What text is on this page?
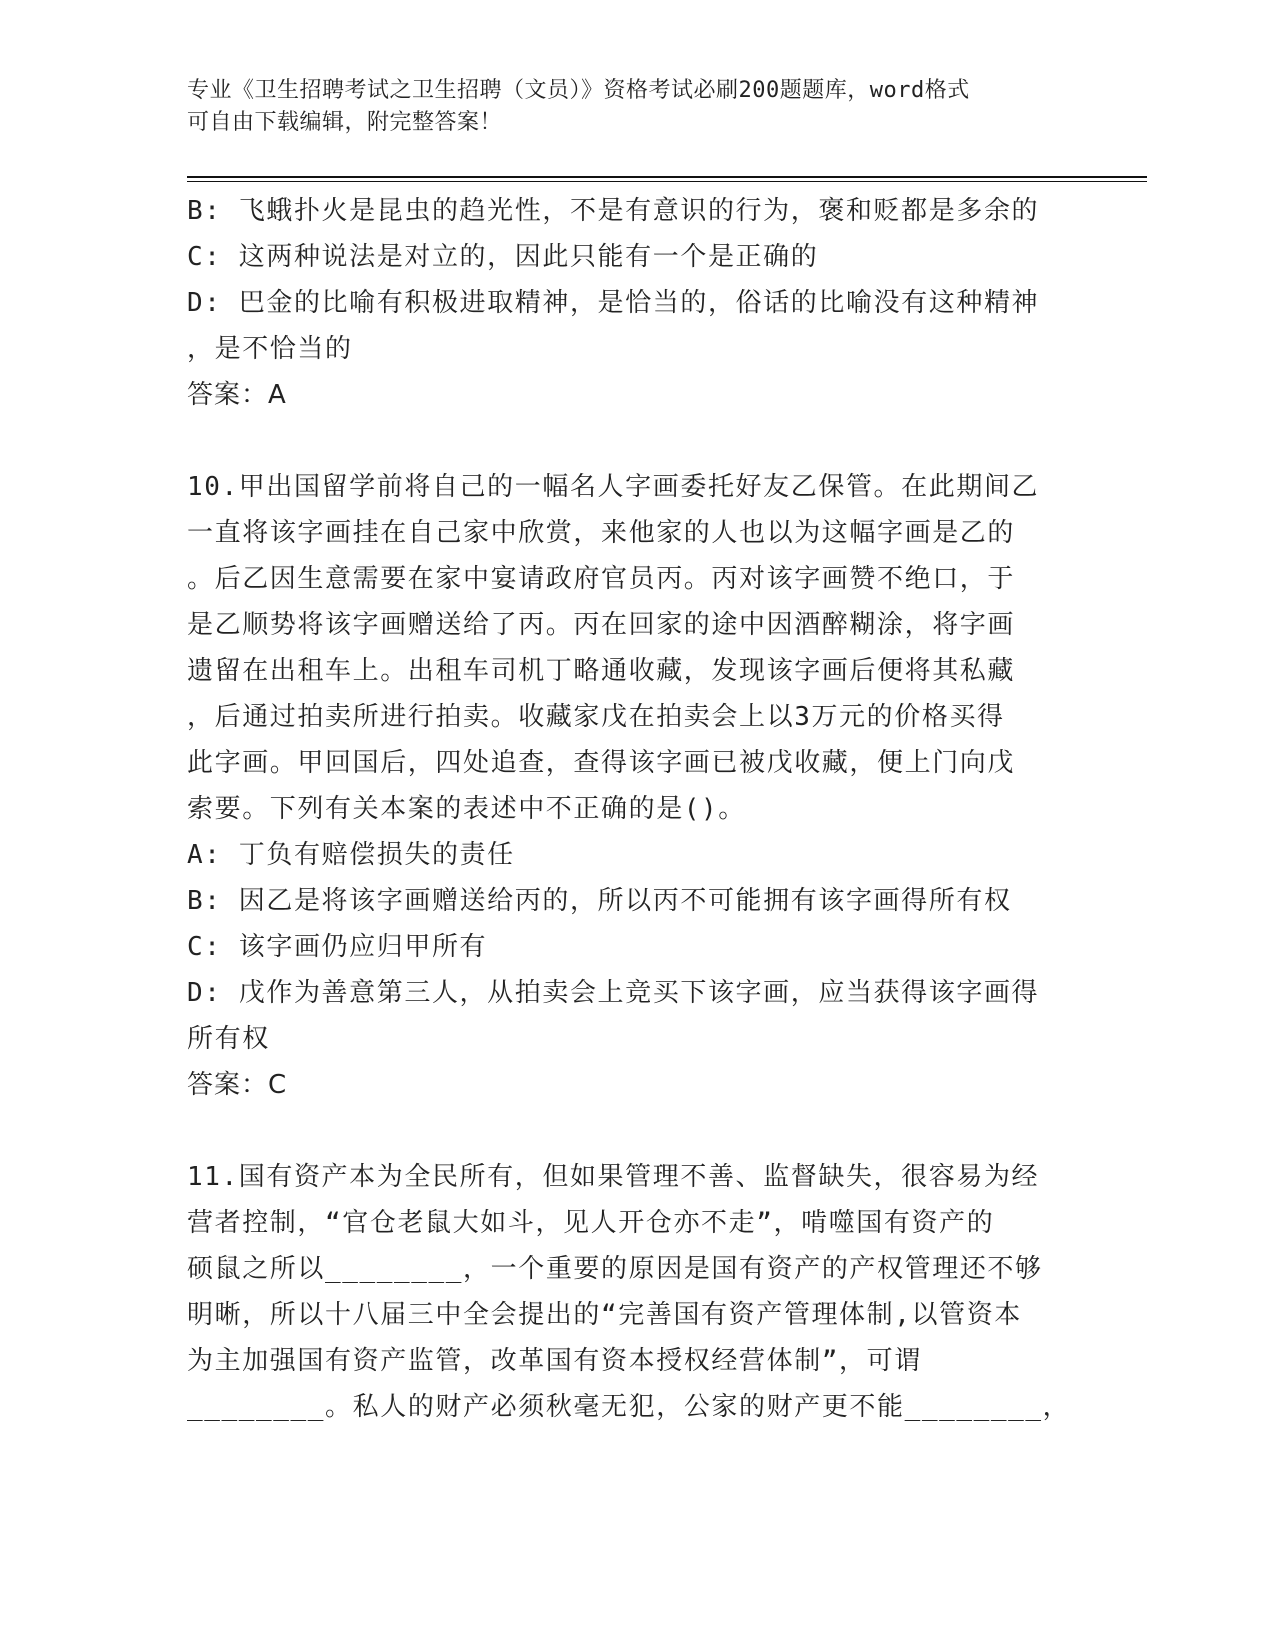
专业《卫生招聘考试之卫生招聘（文员）》资格考试必刷200题题库，word格式
可自由下载编辑，附完整答案！
B: 飞蛾扑火是昆虫的趋光性，不是有意识的行为，褒和贬都是多余的
C: 这两种说法是对立的，因此只能有一个是正确的
D: 巴金的比喻有积极进取精神，是恰当的，俗话的比喻没有这种精神
，是不恰当的
答案：A
10.甲出国留学前将自己的一幅名人字画委托好友乙保管。在此期间乙
一直将该字画挂在自己家中欣赏，来他家的人也以为这幅字画是乙的
。后乙因生意需要在家中宴请政府官员丙。丙对该字画赞不绝口，于
是乙顺势将该字画赠送给了丙。丙在回家的途中因酒醉糊涂，将字画
遗留在出租车上。出租车司机丁略通收藏，发现该字画后便将其私藏
，后通过拍卖所进行拍卖。收藏家戊在拍卖会上以3万元的价格买得
此字画。甲回国后，四处追查，查得该字画已被戊收藏，便上门向戊
索要。下列有关本案的表述中不正确的是()。
A: 丁负有赔偿损失的责任
B: 因乙是将该字画赠送给丙的，所以丙不可能拥有该字画得所有权
C: 该字画仍应归甲所有
D: 戊作为善意第三人，从拍卖会上竞买下该字画，应当获得该字画得
所有权
答案：C
11.国有资产本为全民所有，但如果管理不善、监督缺失，很容易为经
营者控制，“官仓老鼠大如斗，见人开仓亦不走”，啃噬国有资产的
硕鼠之所以________，一个重要的原因是国有资产的产权管理还不够
明晰，所以十八届三中全会提出的“完善国有资产管理体制,以管资本
为主加强国有资产监管，改革国有资本授权经营体制”，可谓
________。私人的财产必须秋毫无犯，公家的财产更不能________，
